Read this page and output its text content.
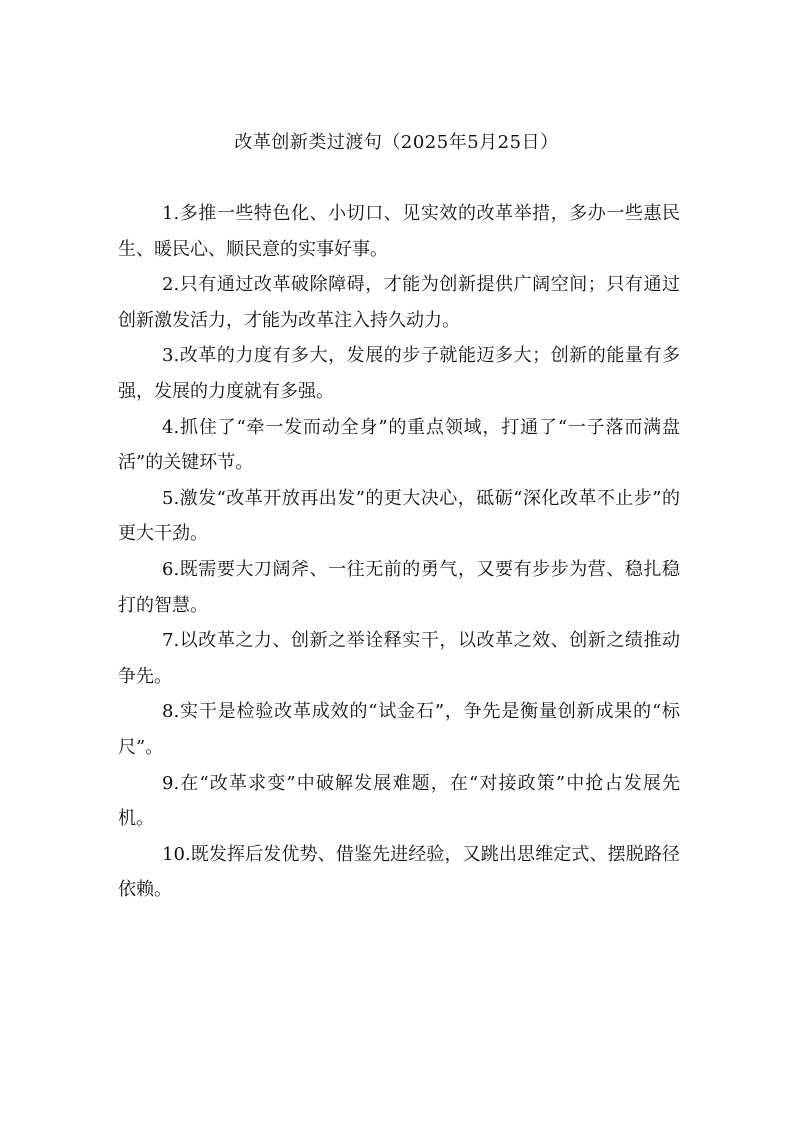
改革创新类过渡句（2025年5月25日）

1.多推一些特色化、小切口、见实效的改革举措，多办一些惠民生、暖民心、顺民意的实事好事。

2.只有通过改革破除障碍，才能为创新提供广阔空间；只有通过创新激发活力，才能为改革注入持久动力。

3.改革的力度有多大，发展的步子就能迈多大；创新的能量有多强，发展的力度就有多强。

4.抓住了“牵一发而动全身”的重点领域，打通了“一子落而满盘活”的关键环节。

5.激发“改革开放再出发”的更大决心，砥砺“深化改革不止步”的更大干劲。

6.既需要大刀阔斧、一往无前的勇气，又要有步步为营、稳扎稳打的智慧。

7.以改革之力、创新之举诠释实干，以改革之效、创新之绩推动争先。

8.实干是检验改革成效的“试金石”，争先是衡量创新成果的“标尺”。

9.在“改革求变”中破解发展难题，在“对接政策”中抢占发展先机。

10.既发挥后发优势、借鉴先进经验，又跳出思维定式、摆脱路径依赖。
